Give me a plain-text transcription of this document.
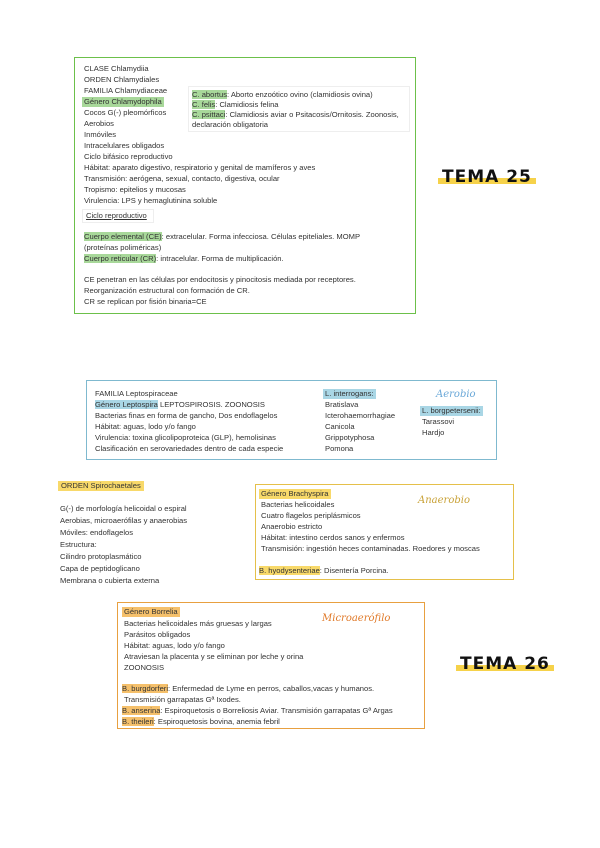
CLASE Chlamydiia
ORDEN Chlamydiales
FAMILIA Chlamydiaceae
Género Chlamydophila
Cocos G(-) pleomórficos
Aerobios
Inmóviles
Intracelulares obligados
Ciclo bifásico reproductivo
Hábitat: aparato digestivo, respiratorio y genital de mamíferos y aves
Transmisión: aerógena, sexual, contacto, digestiva, ocular
Tropismo: epitelios y mucosas
Virulencia: LPS y hemaglutinina soluble
C. abortus: Aborto enzoótico ovino (clamidiosis ovina)
C. felis: Clamidiosis felina
C. psittaci: Clamidiosis aviar o Psitacosis/Ornitosis. Zoonosis,
declaración obligatoria
Ciclo reproductivo
Cuerpo elemental (CE): extracelular. Forma infecciosa. Células epiteliales. MOMP
(proteínas poliméricas)
Cuerpo reticular (CR): intracelular. Forma de multiplicación.
CE penetran en las células por endocitosis y pinocitosis mediada por receptores.
Reorganización estructural con formación de CR.
CR se replican por fisión binaria=CE
TEMA 25
FAMILIA Leptospiraceae
Género Leptospira LEPTOSPIROSIS. ZOONOSIS
Bacterias finas en forma de gancho, Dos endoflagelos
Hábitat: aguas, lodo y/o fango
Virulencia: toxina glicolipoproteica (GLP), hemolisinas
Clasificación en serovariedades dentro de cada especie
L. interrogans:
Bratislava
Icterohaemorrhagiae
Canicola
Grippotyphosa
Pomona
Aerobio
L. borgpetersenii:
Tarassovi
Hardjo
ORDEN Spirochaetales
G(-) de morfología helicoidal o espiral
Aerobias, microaerófilas y anaerobias
Móviles: endoflagelos
Estructura:
Cilindro protoplasmático
Capa de peptidoglicano
Membrana o cubierta externa
Género Brachyspira
Bacterias helicoidales
Cuatro flagelos periplásmicos
Anaerobio estricto
Hábitat: intestino cerdos sanos y enfermos
Transmisión: ingestión heces contaminadas. Roedores y moscas
B. hyodysenteriae: Disentería Porcina.
Anaerobio
Género Borrelia
Bacterias helicoidales más gruesas y largas
Parásitos obligados
Hábitat: aguas, lodo y/o fango
Atraviesan la placenta y se eliminan por leche y orina
ZOONOSIS
Microaerófilo
B. burgdorferi: Enfermedad de Lyme en perros, caballos,vacas y humanos.
Transmisión garrapatas Gª Ixodes.
B. anserina: Espiroquetosis o Borreliosis Aviar. Transmisión garrapatas Gª Argas
B. theileri: Espiroquetosis bovina, anemia febril
TEMA 26
